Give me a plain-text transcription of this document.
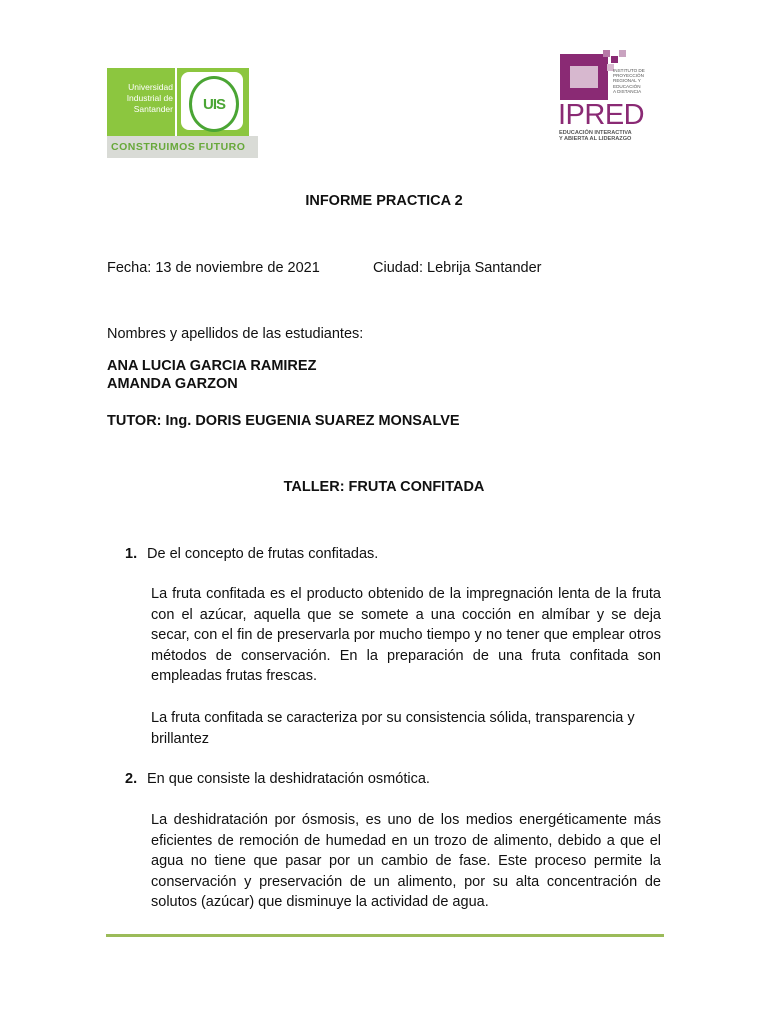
Universidad
Industrial de
Santander	UIS
CONSTRUIMOS FUTURO
INSTITUTO DE
PROYECCIÓN
REGIONAL Y
EDUCACIÓN
A DISTANCIA
IPRED
EDUCACIÓN INTERACTIVA
Y ABIERTA AL LIDERAZGO
INFORME PRACTICA 2
Fecha: 13 de noviembre de 2021	Ciudad: Lebrija Santander
Nombres y apellidos de las estudiantes:
ANA LUCIA GARCIA RAMIREZ
AMANDA GARZON
TUTOR: Ing. DORIS EUGENIA SUAREZ MONSALVE
TALLER: FRUTA CONFITADA
1. De el concepto de frutas confitadas.
La fruta confitada es el producto obtenido de la impregnación lenta de la fruta con el azúcar, aquella que se somete a una cocción en almíbar y se deja secar, con el fin de preservarla por mucho tiempo y no tener que emplear otros métodos de conservación. En la preparación de una fruta confitada son empleadas frutas frescas.
La fruta confitada se caracteriza por su consistencia sólida, transparencia y brillantez
2. En que consiste la deshidratación osmótica.
La deshidratación por ósmosis, es uno de los medios energéticamente más eficientes de remoción de humedad en un trozo de alimento, debido a que el agua no tiene que pasar por un cambio de fase. Este proceso permite la conservación y preservación de un alimento, por su alta concentración de solutos (azúcar) que disminuye la actividad de agua.
